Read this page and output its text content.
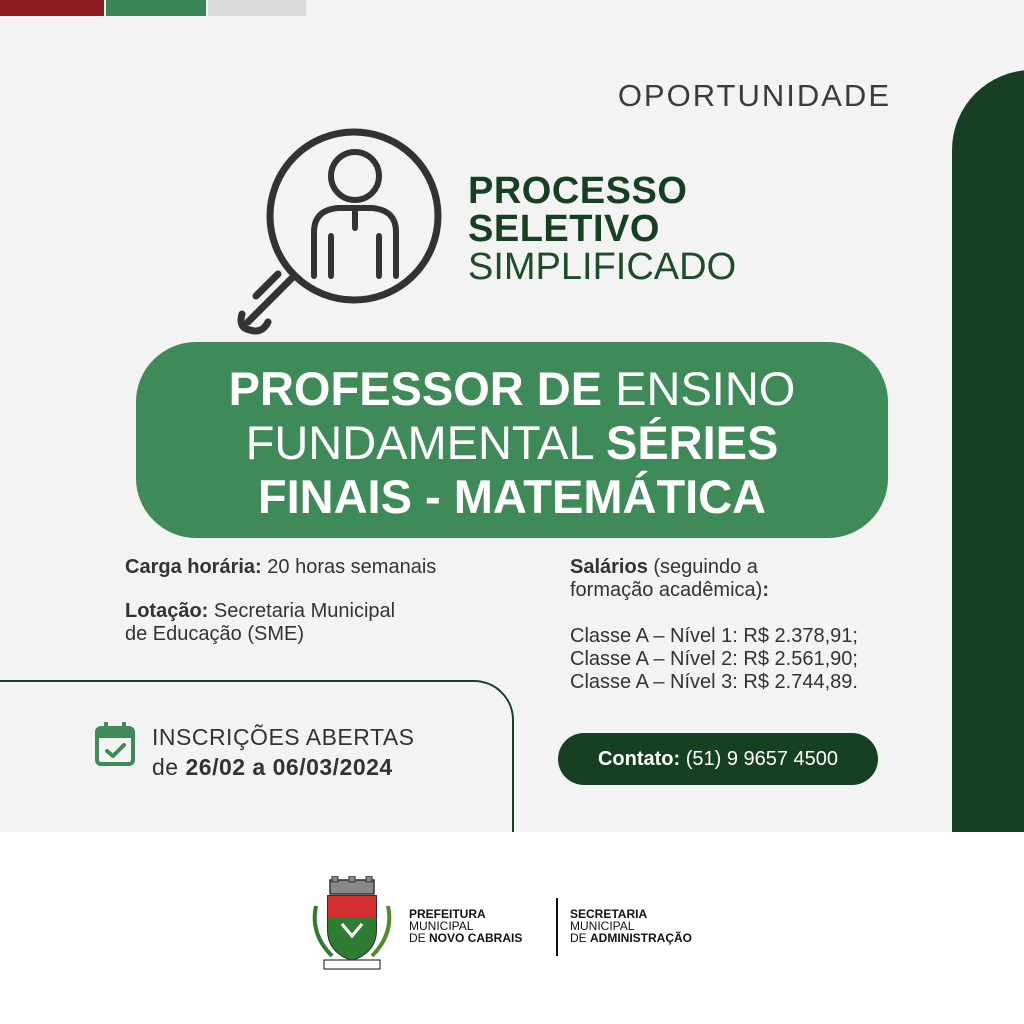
OPORTUNIDADE
PROCESSO
SELETIVO
SIMPLIFICADO
PROFESSOR DE ENSINO
FUNDAMENTAL SÉRIES
FINAIS - MATEMÁTICA
Carga horária: 20 horas semanais
Lotação: Secretaria Municipal
de Educação (SME)
Salários (seguindo a
formação acadêmica):
Classe A – Nível 1: R$ 2.378,91;
Classe A – Nível 2: R$ 2.561,90;
Classe A – Nível 3: R$ 2.744,89.
INSCRIÇÕES ABERTAS
de 26/02 a 06/03/2024	Contato: (51) 9 9657 4500
PREFEITURA
MUNICIPAL
DE NOVO CABRAIS
SECRETARIA
MUNICIPAL
DE ADMINISTRAÇÃO
